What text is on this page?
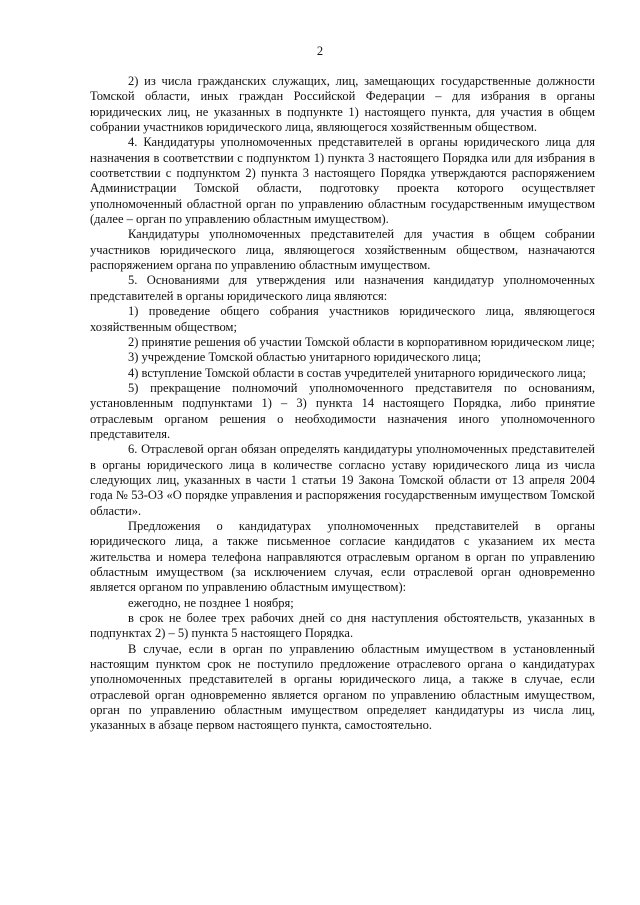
2

2) из числа гражданских служащих, лиц, замещающих государственные должности Томской области, иных граждан Российской Федерации – для избрания в органы юридических лиц, не указанных в подпункте 1) настоящего пункта, для участия в общем собрании участников юридического лица, являющегося хозяйственным обществом.

4. Кандидатуры уполномоченных представителей в органы юридического лица для назначения в соответствии с подпунктом 1) пункта 3 настоящего Порядка или для избрания в соответствии с подпунктом 2) пункта 3 настоящего Порядка утверждаются распоряжением Администрации Томской области, подготовку проекта которого осуществляет уполномоченный областной орган по управлению областным государственным имуществом (далее – орган по управлению областным имуществом).

Кандидатуры уполномоченных представителей для участия в общем собрании участников юридического лица, являющегося хозяйственным обществом, назначаются распоряжением органа по управлению областным имуществом.

5. Основаниями для утверждения или назначения кандидатур уполномоченных представителей в органы юридического лица являются:

1) проведение общего собрания участников юридического лица, являющегося хозяйственным обществом;

2) принятие решения об участии Томской области в корпоративном юридическом лице;

3) учреждение Томской областью унитарного юридического лица;

4) вступление Томской области в состав учредителей унитарного юридического лица;

5) прекращение полномочий уполномоченного представителя по основаниям, установленным подпунктами 1) – 3) пункта 14 настоящего Порядка, либо принятие отраслевым органом решения о необходимости назначения иного уполномоченного представителя.

6. Отраслевой орган обязан определять кандидатуры уполномоченных представителей в органы юридического лица в количестве согласно уставу юридического лица из числа следующих лиц, указанных в части 1 статьи 19 Закона Томской области от 13 апреля 2004 года № 53-ОЗ «О порядке управления и распоряжения государственным имуществом Томской области».

Предложения о кандидатурах уполномоченных представителей в органы юридического лица, а также письменное согласие кандидатов с указанием их места жительства и номера телефона направляются отраслевым органом в орган по управлению областным имуществом (за исключением случая, если отраслевой орган одновременно является органом по управлению областным имуществом):

ежегодно, не позднее 1 ноября;

в срок не более трех рабочих дней со дня наступления обстоятельств, указанных в подпунктах 2) – 5) пункта 5 настоящего Порядка.

В случае, если в орган по управлению областным имуществом в установленный настоящим пунктом срок не поступило предложение отраслевого органа о кандидатурах уполномоченных представителей в органы юридического лица, а также в случае, если отраслевой орган одновременно является органом по управлению областным имуществом, орган по управлению областным имуществом определяет кандидатуры из числа лиц, указанных в абзаце первом настоящего пункта, самостоятельно.
